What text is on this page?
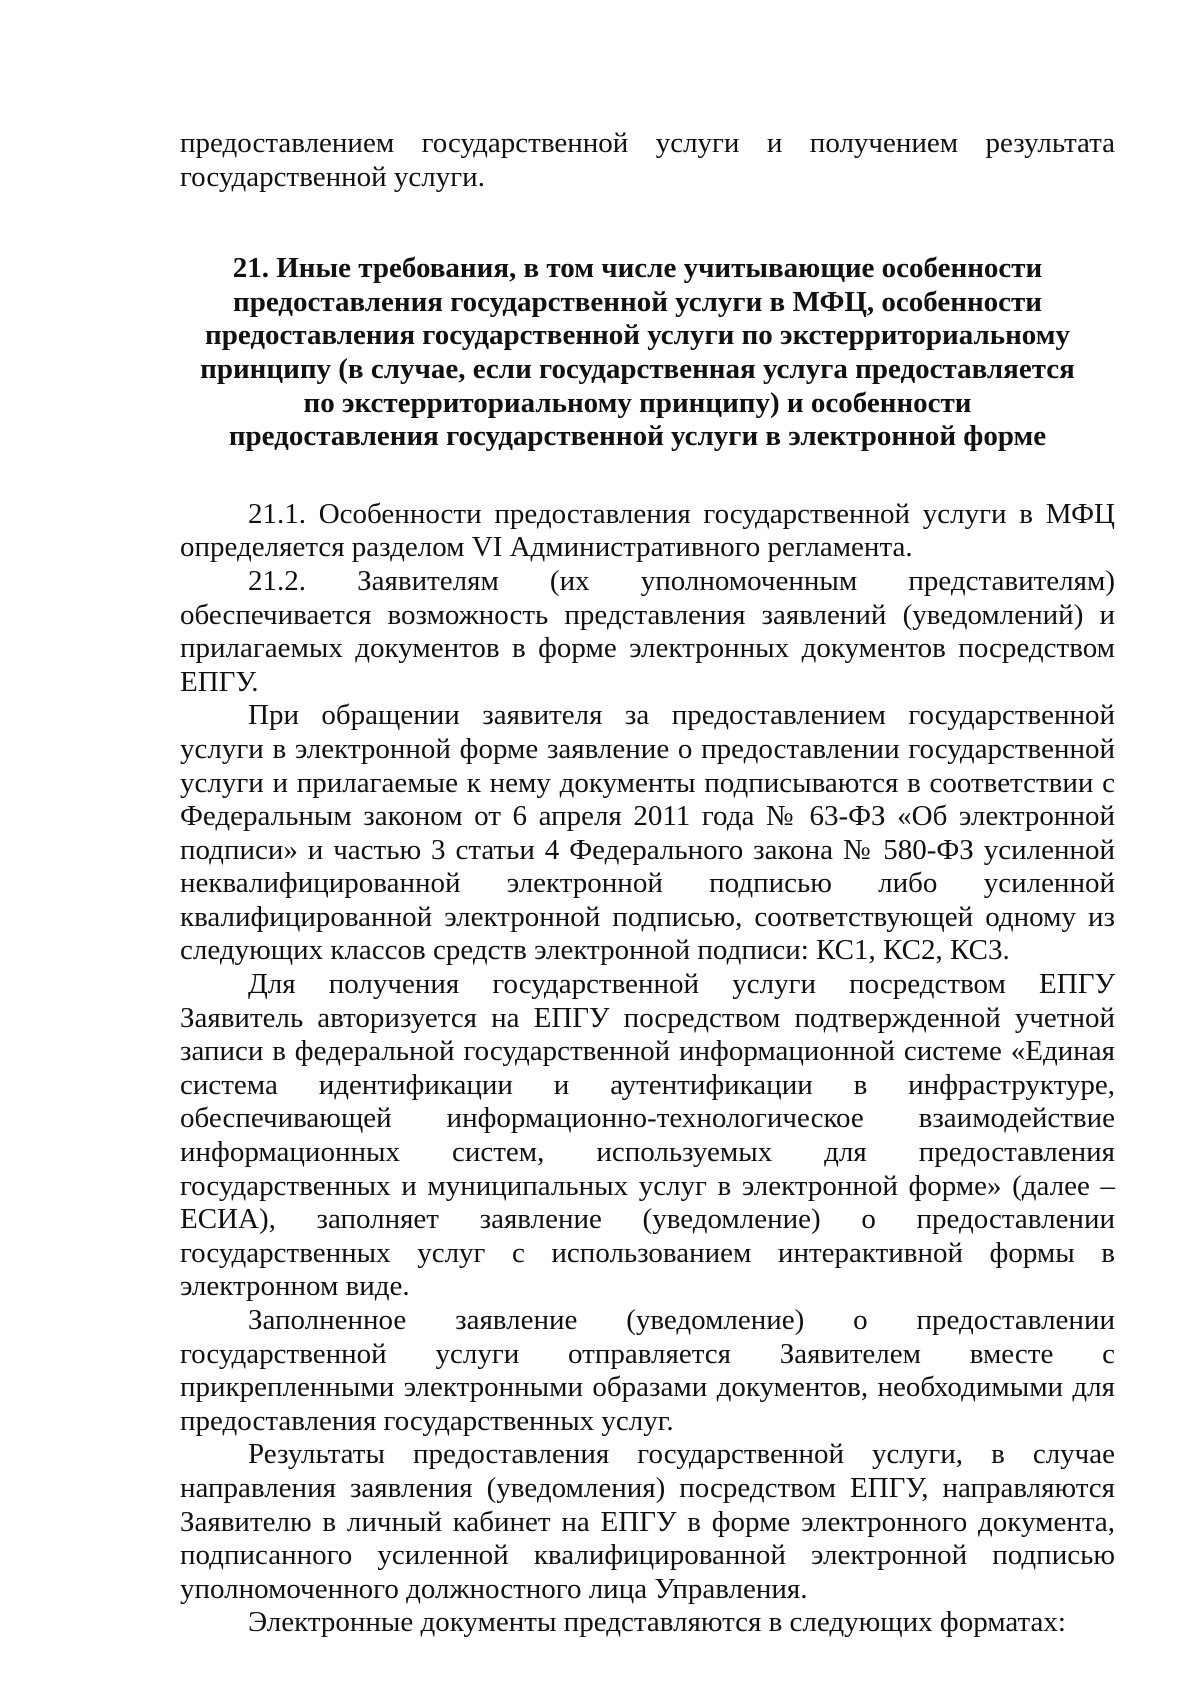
предоставлением государственной услуги и получением результата государственной услуги.

21. Иные требования, в том числе учитывающие особенности предоставления государственной услуги в МФЦ, особенности предоставления государственной услуги по экстерриториальному принципу (в случае, если государственная услуга предоставляется по экстерриториальному принципу) и особенности предоставления государственной услуги в электронной форме

21.1. Особенности предоставления государственной услуги в МФЦ определяется разделом VI Административного регламента.

21.2. Заявителям (их уполномоченным представителям) обеспечивается возможность представления заявлений (уведомлений) и прилагаемых документов в форме электронных документов посредством ЕПГУ.

При обращении заявителя за предоставлением государственной услуги в электронной форме заявление о предоставлении государственной услуги и прилагаемые к нему документы подписываются в соответствии с Федеральным законом от 6 апреля 2011 года № 63-ФЗ «Об электронной подписи» и частью 3 статьи 4 Федерального закона № 580-ФЗ усиленной неквалифицированной электронной подписью либо усиленной квалифицированной электронной подписью, соответствующей одному из следующих классов средств электронной подписи: КС1, КС2, КС3.

Для получения государственной услуги посредством ЕПГУ Заявитель авторизуется на ЕПГУ посредством подтвержденной учетной записи в федеральной государственной информационной системе «Единая система идентификации и аутентификации в инфраструктуре, обеспечивающей информационно-технологическое взаимодействие информационных систем, используемых для предоставления государственных и муниципальных услуг в электронной форме» (далее – ЕСИА), заполняет заявление (уведомление) о предоставлении государственных услуг с использованием интерактивной формы в электронном виде.

Заполненное заявление (уведомление) о предоставлении государственной услуги отправляется Заявителем вместе с прикрепленными электронными образами документов, необходимыми для предоставления государственных услуг.

Результаты предоставления государственной услуги, в случае направления заявления (уведомления) посредством ЕПГУ, направляются Заявителю в личный кабинет на ЕПГУ в форме электронного документа, подписанного усиленной квалифицированной электронной подписью уполномоченного должностного лица Управления.

Электронные документы представляются в следующих форматах:
